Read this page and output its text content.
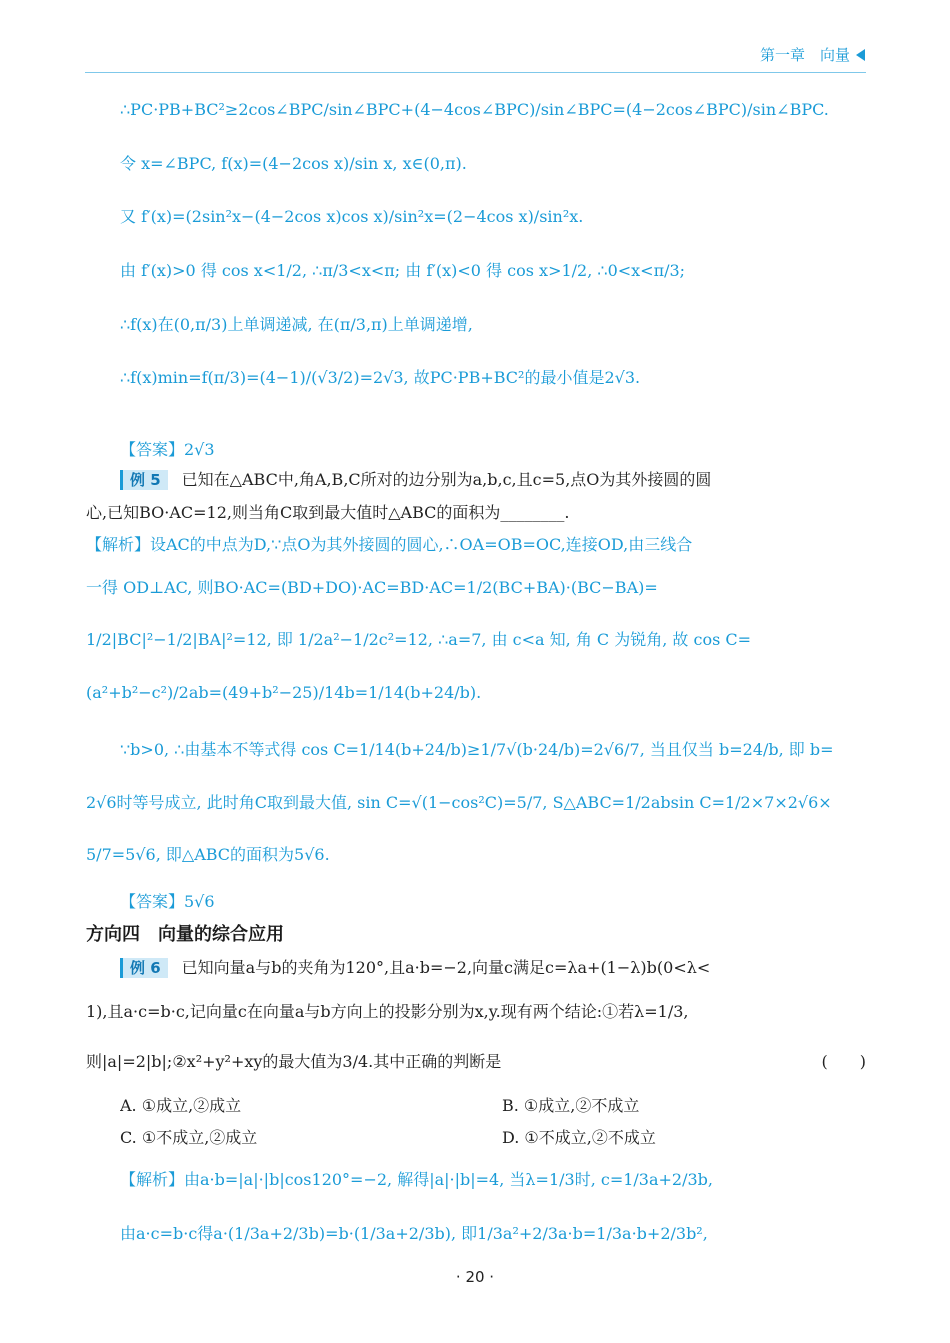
第一章　向量
∴PC·PB+BC²≥2cos∠BPC/sin∠BPC+(4−4cos∠BPC)/sin∠BPC=(4−2cos∠BPC)/sin∠BPC.
令 x=∠BPC, f(x)=(4−2cos x)/sin x, x∈(0,π).
又 f′(x)=(2sin²x−(4−2cos x)cos x)/sin²x=(2−4cos x)/sin²x.
由 f′(x)>0 得 cos x<1/2, ∴π/3<x<π; 由 f′(x)<0 得 cos x>1/2, ∴0<x<π/3;
∴f(x)在(0,π/3)上单调递减, 在(π/3,π)上单调递增,
∴f(x)min=f(π/3)=(4−1)/(√3/2)=2√3, 故PC·PB+BC²的最小值是2√3.
【答案】2√3
例 5 已知在△ABC中,角A,B,C所对的边分别为a,b,c,且c=5,点O为其外接圆的圆
心,已知BO·AC=12,则当角C取到最大值时△ABC的面积为________.
【解析】设AC的中点为D,∵点O为其外接圆的圆心,∴OA=OB=OC,连接OD,由三线合
一得 OD⊥AC, 则BO·AC=(BD+DO)·AC=BD·AC=1/2(BC+BA)·(BC−BA)=
1/2|BC|²−1/2|BA|²=12, 即 1/2a²−1/2c²=12, ∴a=7, 由 c<a 知, 角 C 为锐角, 故 cos C=
(a²+b²−c²)/2ab=(49+b²−25)/14b=1/14(b+24/b).
∵b>0, ∴由基本不等式得 cos C=1/14(b+24/b)≥1/7√(b·24/b)=2√6/7, 当且仅当 b=24/b, 即 b=
2√6时等号成立, 此时角C取到最大值, sin C=√(1−cos²C)=5/7, S△ABC=1/2absin C=1/2×7×2√6×
5/7=5√6, 即△ABC的面积为5√6.
【答案】5√6
方向四　向量的综合应用
例 6 已知向量a与b的夹角为120°,且a·b=−2,向量c满足c=λa+(1−λ)b(0<λ<
1),且a·c=b·c,记向量c在向量a与b方向上的投影分别为x,y.现有两个结论:①若λ=1/3,
则|a|=2|b|;②x²+y²+xy的最大值为3/4.其中正确的判断是	(　　)
A. ①成立,②成立	B. ①成立,②不成立
C. ①不成立,②成立	D. ①不成立,②不成立
【解析】由a·b=|a|·|b|cos120°=−2, 解得|a|·|b|=4, 当λ=1/3时, c=1/3a+2/3b,
由a·c=b·c得a·(1/3a+2/3b)=b·(1/3a+2/3b), 即1/3a²+2/3a·b=1/3a·b+2/3b²,
· 20 ·
